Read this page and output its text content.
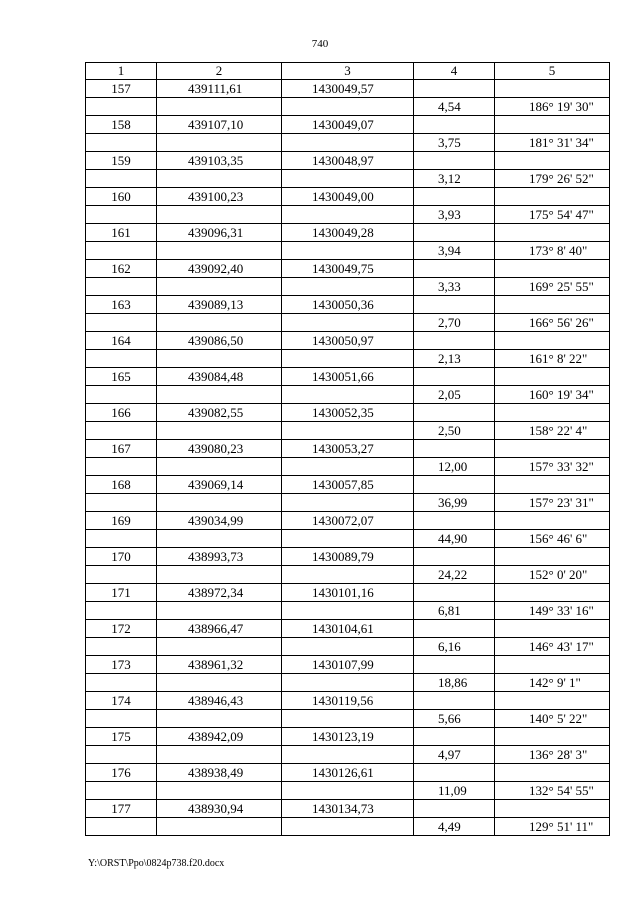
740
1	2	3	4	5
157	439111,61	1430049,57		
			4,54	186° 19' 30"
158	439107,10	1430049,07		
			3,75	181° 31' 34"
159	439103,35	1430048,97		
			3,12	179° 26' 52"
160	439100,23	1430049,00		
			3,93	175° 54' 47"
161	439096,31	1430049,28		
			3,94	173° 8' 40"
162	439092,40	1430049,75		
			3,33	169° 25' 55"
163	439089,13	1430050,36		
			2,70	166° 56' 26"
164	439086,50	1430050,97		
			2,13	161° 8' 22"
165	439084,48	1430051,66		
			2,05	160° 19' 34"
166	439082,55	1430052,35		
			2,50	158° 22' 4"
167	439080,23	1430053,27		
			12,00	157° 33' 32"
168	439069,14	1430057,85		
			36,99	157° 23' 31"
169	439034,99	1430072,07		
			44,90	156° 46' 6"
170	438993,73	1430089,79		
			24,22	152° 0' 20"
171	438972,34	1430101,16		
			6,81	149° 33' 16"
172	438966,47	1430104,61		
			6,16	146° 43' 17"
173	438961,32	1430107,99		
			18,86	142° 9' 1"
174	438946,43	1430119,56		
			5,66	140° 5' 22"
175	438942,09	1430123,19		
			4,97	136° 28' 3"
176	438938,49	1430126,61		
			11,09	132° 54' 55"
177	438930,94	1430134,73		
			4,49	129° 51' 11"
Y:\ORST\Ppo\0824p738.f20.docx
